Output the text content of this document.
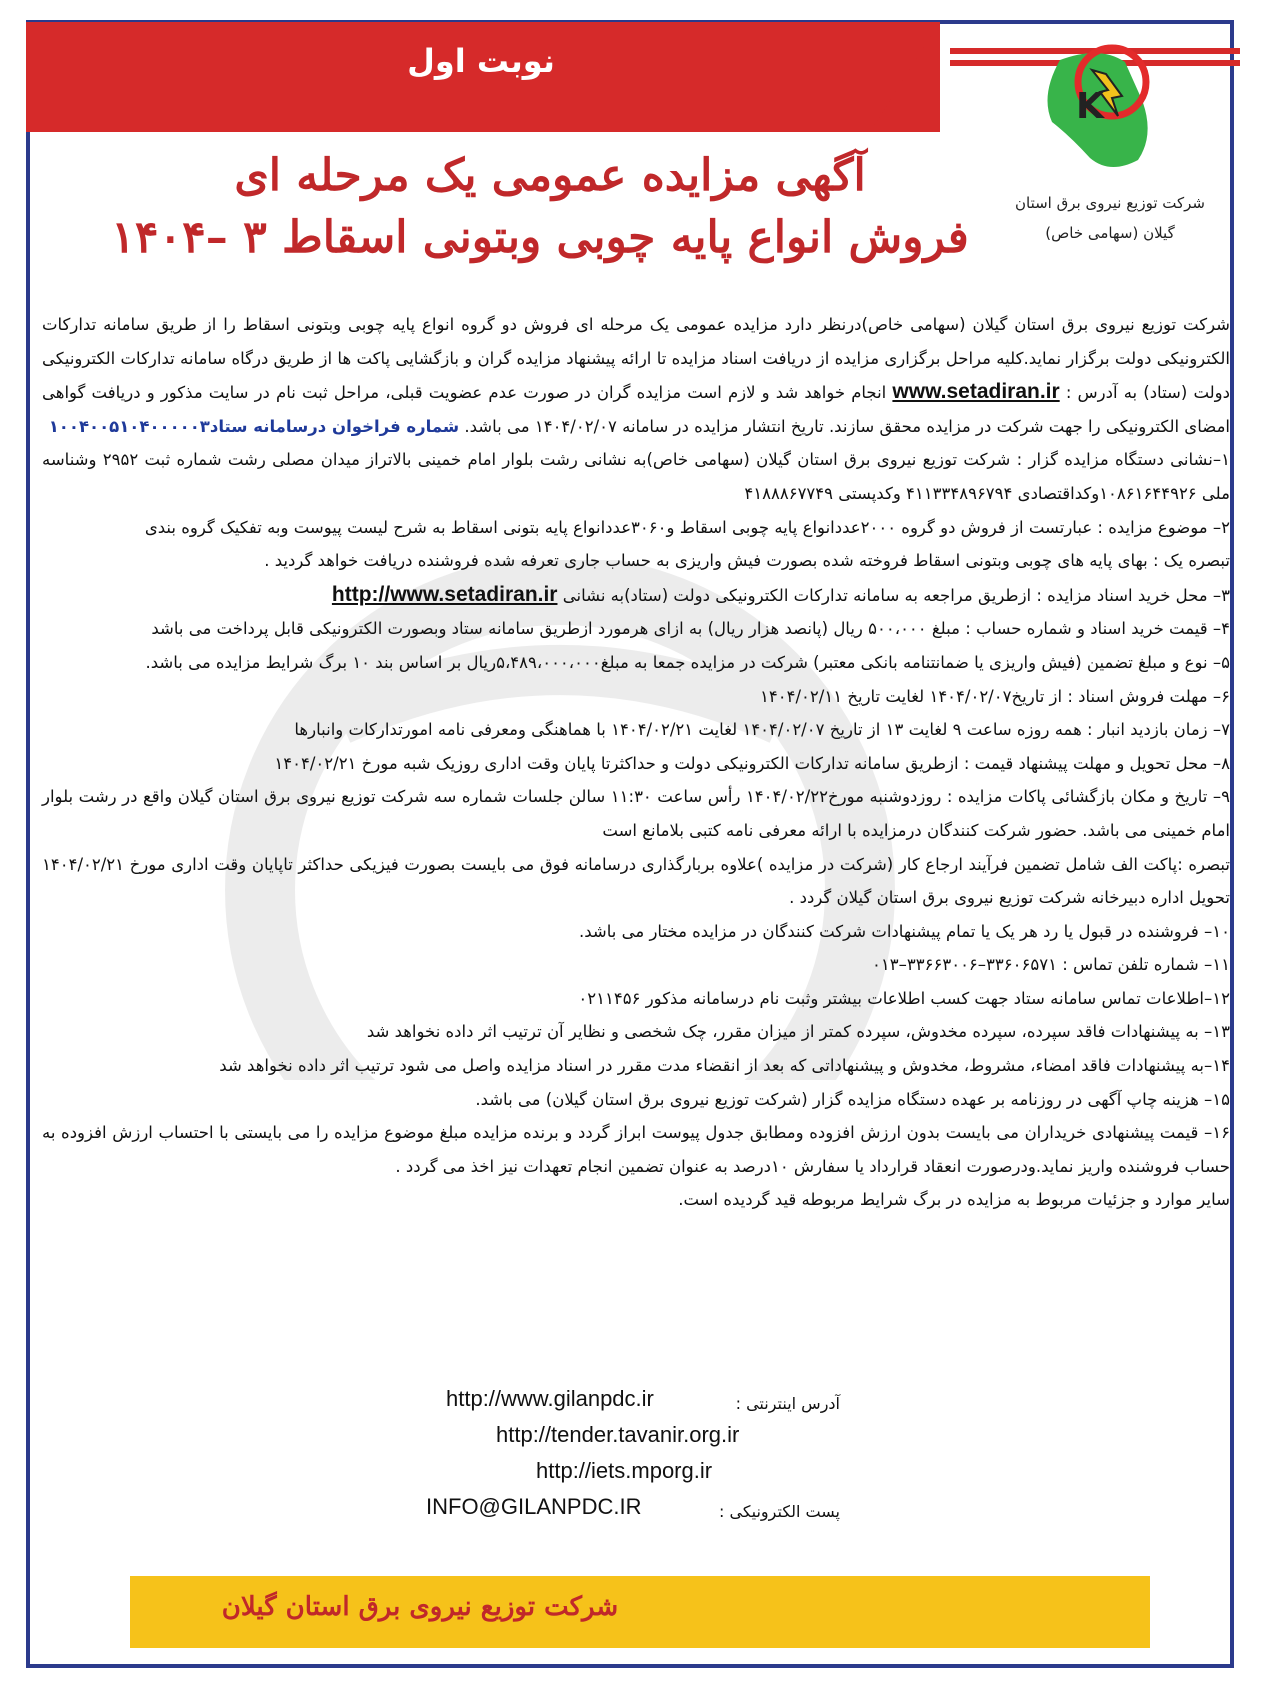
نوبت اول
K
شرکت توزیع نیروی برق استان
گیلان (سهامی خاص)
آگهی مزایده عمومی یک مرحله ای
فروش انواع پایه چوبی وبتونی اسقاط ۳ –۱۴۰۴

شرکت توزیع نیروی برق استان گیلان (سهامی خاص)درنظر دارد مزایده عمومی یک مرحله ای فروش دو گروه انواع پایه چوبی وبتونی اسقاط را از طریق سامانه تدارکات الکترونیکی دولت برگزار نماید.کلیه مراحل برگزاری مزایده از دریافت اسناد مزایده تا ارائه پیشنهاد مزایده گران و بازگشایی پاکت ها از طریق درگاه سامانه تدارکات الکترونیکی دولت (ستاد) به آدرس : www.setadiran.ir انجام خواهد شد و لازم است مزایده گران در صورت عدم عضویت قبلی، مراحل ثبت نام در سایت مذکور و دریافت گواهی امضای الکترونیکی را جهت شرکت در مزایده محقق سازند. تاریخ انتشار مزایده در سامانه ۱۴۰۴/۰۲/۰۷ می باشد. شماره فراخوان درسامانه ستاد۱۰۰۴۰۰۵۱۰۴۰۰۰۰۰۳

۱–نشانی دستگاه مزایده گزار : شرکت توزیع نیروی برق استان گیلان (سهامی خاص)به نشانی رشت بلوار امام خمینی بالاتراز میدان مصلی رشت شماره ثبت ۲۹۵۲ وشناسه ملی ۱۰۸۶۱۶۴۴۹۲۶وکداقتصادی ۴۱۱۳۳۴۸۹۶۷۹۴ وکدپستی ۴۱۸۸۸۶۷۷۴۹

۲– موضوع مزایده : عبارتست از فروش دو گروه ۲۰۰۰عددانواع پایه چوبی اسقاط و۳۰۶۰عددانواع پایه بتونی اسقاط به شرح لیست پیوست وبه تفکیک گروه بندی

تبصره یک : بهای پایه های چوبی وبتونی اسقاط فروخته شده بصورت فیش واریزی به حساب جاری تعرفه شده فروشنده دریافت خواهد گردید .

۳– محل خرید اسناد مزایده : ازطریق مراجعه به سامانه تدارکات الکترونیکی دولت (ستاد)به نشانی http://www.setadiran.ir

۴– قیمت خرید اسناد و شماره حساب : مبلغ ۵۰۰،۰۰۰ ریال (پانصد هزار ریال) به ازای هرمورد ازطریق سامانه ستاد وبصورت الکترونیکی قابل پرداخت می باشد

۵– نوع و مبلغ تضمین (فیش واریزی یا ضمانتنامه بانکی معتبر) شرکت در مزایده جمعا به مبلغ۵،۴۸۹،۰۰۰،۰۰۰ریال بر اساس بند ۱۰ برگ شرایط مزایده می باشد.

۶– مهلت فروش اسناد : از تاریخ۱۴۰۴/۰۲/۰۷ لغایت تاریخ ۱۴۰۴/۰۲/۱۱

۷– زمان بازدید انبار : همه روزه ساعت ۹ لغایت ۱۳ از تاریخ ۱۴۰۴/۰۲/۰۷ لغایت ۱۴۰۴/۰۲/۲۱ با هماهنگی ومعرفی نامه امورتدارکات وانبارها

۸– محل تحویل و مهلت پیشنهاد قیمت : ازطریق سامانه تدارکات الکترونیکی دولت و حداکثرتا پایان وقت اداری روزیک شبه مورخ ۱۴۰۴/۰۲/۲۱

۹– تاریخ و مکان بازگشائی پاکات مزایده : روزدوشنبه مورخ۱۴۰۴/۰۲/۲۲ رأس ساعت ۱۱:۳۰ سالن جلسات شماره سه شرکت توزیع نیروی برق استان گیلان واقع در رشت بلوار امام خمینی می باشد. حضور شرکت کنندگان درمزایده با ارائه معرفی نامه کتبی بلامانع است

تبصره :پاکت الف شامل تضمین فرآیند ارجاع کار (شرکت در مزایده )علاوه بربارگذاری درسامانه فوق می بایست بصورت فیزیکی حداکثر تاپایان وقت اداری مورخ ۱۴۰۴/۰۲/۲۱ تحویل اداره دبیرخانه شرکت توزیع نیروی برق استان گیلان گردد .

۱۰– فروشنده در قبول یا رد هر یک یا تمام پیشنهادات شرکت کنندگان در مزایده مختار می باشد.

۱۱– شماره تلفن تماس : ۳۳۶۰۶۵۷۱–۳۳۶۶۳۰۰۶–۰۱۳

۱۲–اطلاعات تماس سامانه ستاد جهت کسب اطلاعات بیشتر وثبت نام درسامانه مذکور ۰۲۱۱۴۵۶

۱۳– به پیشنهادات فاقد سپرده، سپرده مخدوش، سپرده کمتر از میزان مقرر، چک شخصی و نظایر آن ترتیب اثر داده نخواهد شد

۱۴–به پیشنهادات فاقد امضاء، مشروط، مخدوش و پیشنهاداتی که بعد از انقضاء مدت مقرر در اسناد مزایده واصل می شود ترتیب اثر داده نخواهد شد

۱۵– هزینه چاپ آگهی در روزنامه بر عهده دستگاه مزایده گزار (شرکت توزیع نیروی برق استان گیلان) می باشد.

۱۶– قیمت پیشنهادی خریداران می بایست بدون ارزش افزوده ومطابق جدول پیوست ابراز گردد و برنده مزایده مبلغ موضوع مزایده را می بایستی با احتساب ارزش افزوده به حساب فروشنده واریز نماید.ودرصورت انعقاد قرارداد یا سفارش ۱۰درصد به عنوان تضمین انجام تعهدات نیز اخذ می گردد .

سایر موارد و جزئیات مربوط به مزایده در برگ شرایط مربوطه قید گردیده است.

آدرس اینترنتی :
http://www.gilanpdc.ir
http://tender.tavanir.org.ir
http://iets.mporg.ir
پست الکترونیکی :
INFO@GILANPDC.IR
شرکت توزیع نیروی برق استان گیلان
